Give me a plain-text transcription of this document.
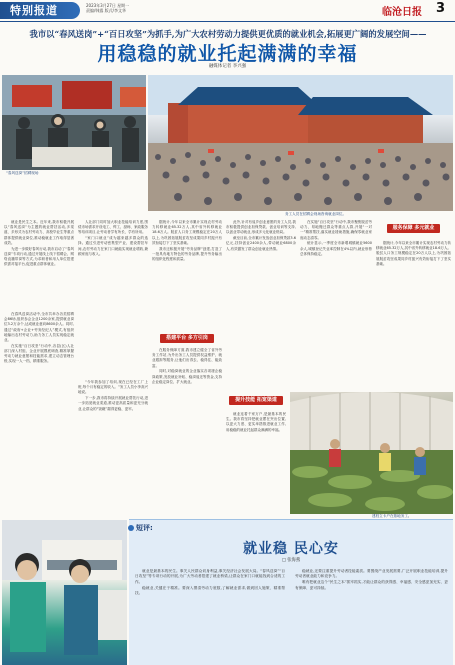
特别报道	2023年3月27日 星期一
责编/韩露 版式/李文华	临沧日报 3
我市以“春风送岗”+“百日攻坚”为抓手,为广大农村劳动力提供更优质的就业机会,拓展更广阔的发展空间——
用稳稳的就业托起满满的幸福
融媒体记者 李兴强
“春风送岗”招聘现场
务工人员在招聘会现场咨询就业岗位。

就业是民生之本。近年来,我市积极开展以“春风送岗”为主题的就业帮扶活动,多渠道、多形式为农村劳动力、高校毕业生等重点群体提供就业岗位,推动稳就业工作取得显著成效。

为进一步做好春风行动,我市启动了“春风送岗”专项行动,通过开展线上线下招聘会、网络直播带岗等方式,为求职者和用人单位搭建供需对接平台,促进重点群体就业。

在春风送岗活动中,全市共举办各类招聘会86场,组织参会企业1200余家,提供就业岗位3.2万余个,达成就业意向8600余人。同时,通过“政府+企业+劳务经纪人”模式,有组织地输出农村劳动力,助力务工人员实现稳定就业。

在实施“百日攻坚”行动中,各县(区)人社部门深入村组、企业开展摸底调查,精准掌握劳动力就业意愿和技能需求,建立动态管理台账,实现一人一档、精准服务。

人社部门同时加大职业技能培训力度,围绕市场需求开设电工、焊工、厨师、家政服务等培训项目,让劳动者学有所长、学有所用。

“家门口就业”成为越来越多群众的选择。通过引进劳动密集型产业、建设帮扶车间,农村劳动力在家门口就能实现就业增收,兼顾家庭与收入。

“今年我参加了培训,现在已经在工厂上班,每个月有稳定的收入。”务工人员小李高兴地说。

下一步,我市将持续开展就业帮扶行动,进一步拓宽就业渠道,推动更高质量和更充分就业,让群众的“饭碗”端得更稳、更牢。

据统计,今年以来全市累计实现农村劳动力转移就业65.32万人,其中省外转移就业18.6万人。脱贫人口务工规模稳定在20万人以上,为巩固拓展脱贫攻坚成果同乡村振兴有效衔接打下了坚实基础。

我市还积极开展“劳务品牌”创建,打造了一批具有地方特色的劳务品牌,提升劳务输出的组织化程度和质量。

搭建平台 多方引岗

在服务保障方面,我市建立健全了省外劳务工作站,为外出务工人员提供权益维护、就业跟踪等服务,让他们出得去、稳得住、能致富。

同时,对稳岗就业的企业落实各项援企稳岗政策,发放就业补贴、稳岗返还等资金,支持企业稳定岗位、扩大就业。

此外,针对有返乡创业意愿的务工人员,我市积极提供创业担保贷款、创业培训等支持,以创业带动就业,形成多元化就业格局。

截至目前,全市累计发放创业担保贷款3.6亿元,扶持创业2400余人,带动就业6800余人,有效激发了群众创业就业热情。

提升技能 拓宽渠道

就业连着千家万户,是最基本的民生。我市将坚持把就业摆在突出位置,以更大力度、更实举措推进就业工作,用稳稳的就业托起群众满满的幸福。

在实施“百日攻坚”行动中,我市聚焦脱贫劳动力、易地搬迁群众等重点人群,开展“一对一”精准帮扶,落实就业援助措施,确保零就业家庭动态清零。

统计显示,一季度全市新增城镇就业5600余人,城镇登记失业率控制在4%以内,就业形势总体保持稳定。

服务保障 多元就业

据统计,今年以来全市累计实现农村劳动力转移就业65.32万人,其中省外转移就业18.6万人。脱贫人口务工规模稳定在20万人以上,为巩固拓展脱贫攻坚成果同乡村振兴有效衔接打下了坚实基础。

建档立卡户在基地务工。
短评:
就业稳 民心安
□ 张海燕

就业是最基本的民生。事关人民群众切身利益,事关经济社会发展大局。“春风送岗”“百日攻坚”等专项行动的开展,为广大劳动者搭建了就业桥梁,让群众在家门口就能找到合适的工作。

稳就业,关键在于精准。要深入摸清劳动力底数,了解就业需求,做到因人施策、精准帮扶。

稳就业,还要注重提升劳动者技能素质。要围绕产业发展需要,广泛开展职业技能培训,提升劳动者就业能力和竞争力。

唯有把就业这个“民生之本”抓牢抓实,才能让群众的获得感、幸福感、安全感更加充实、更有保障、更可持续。
